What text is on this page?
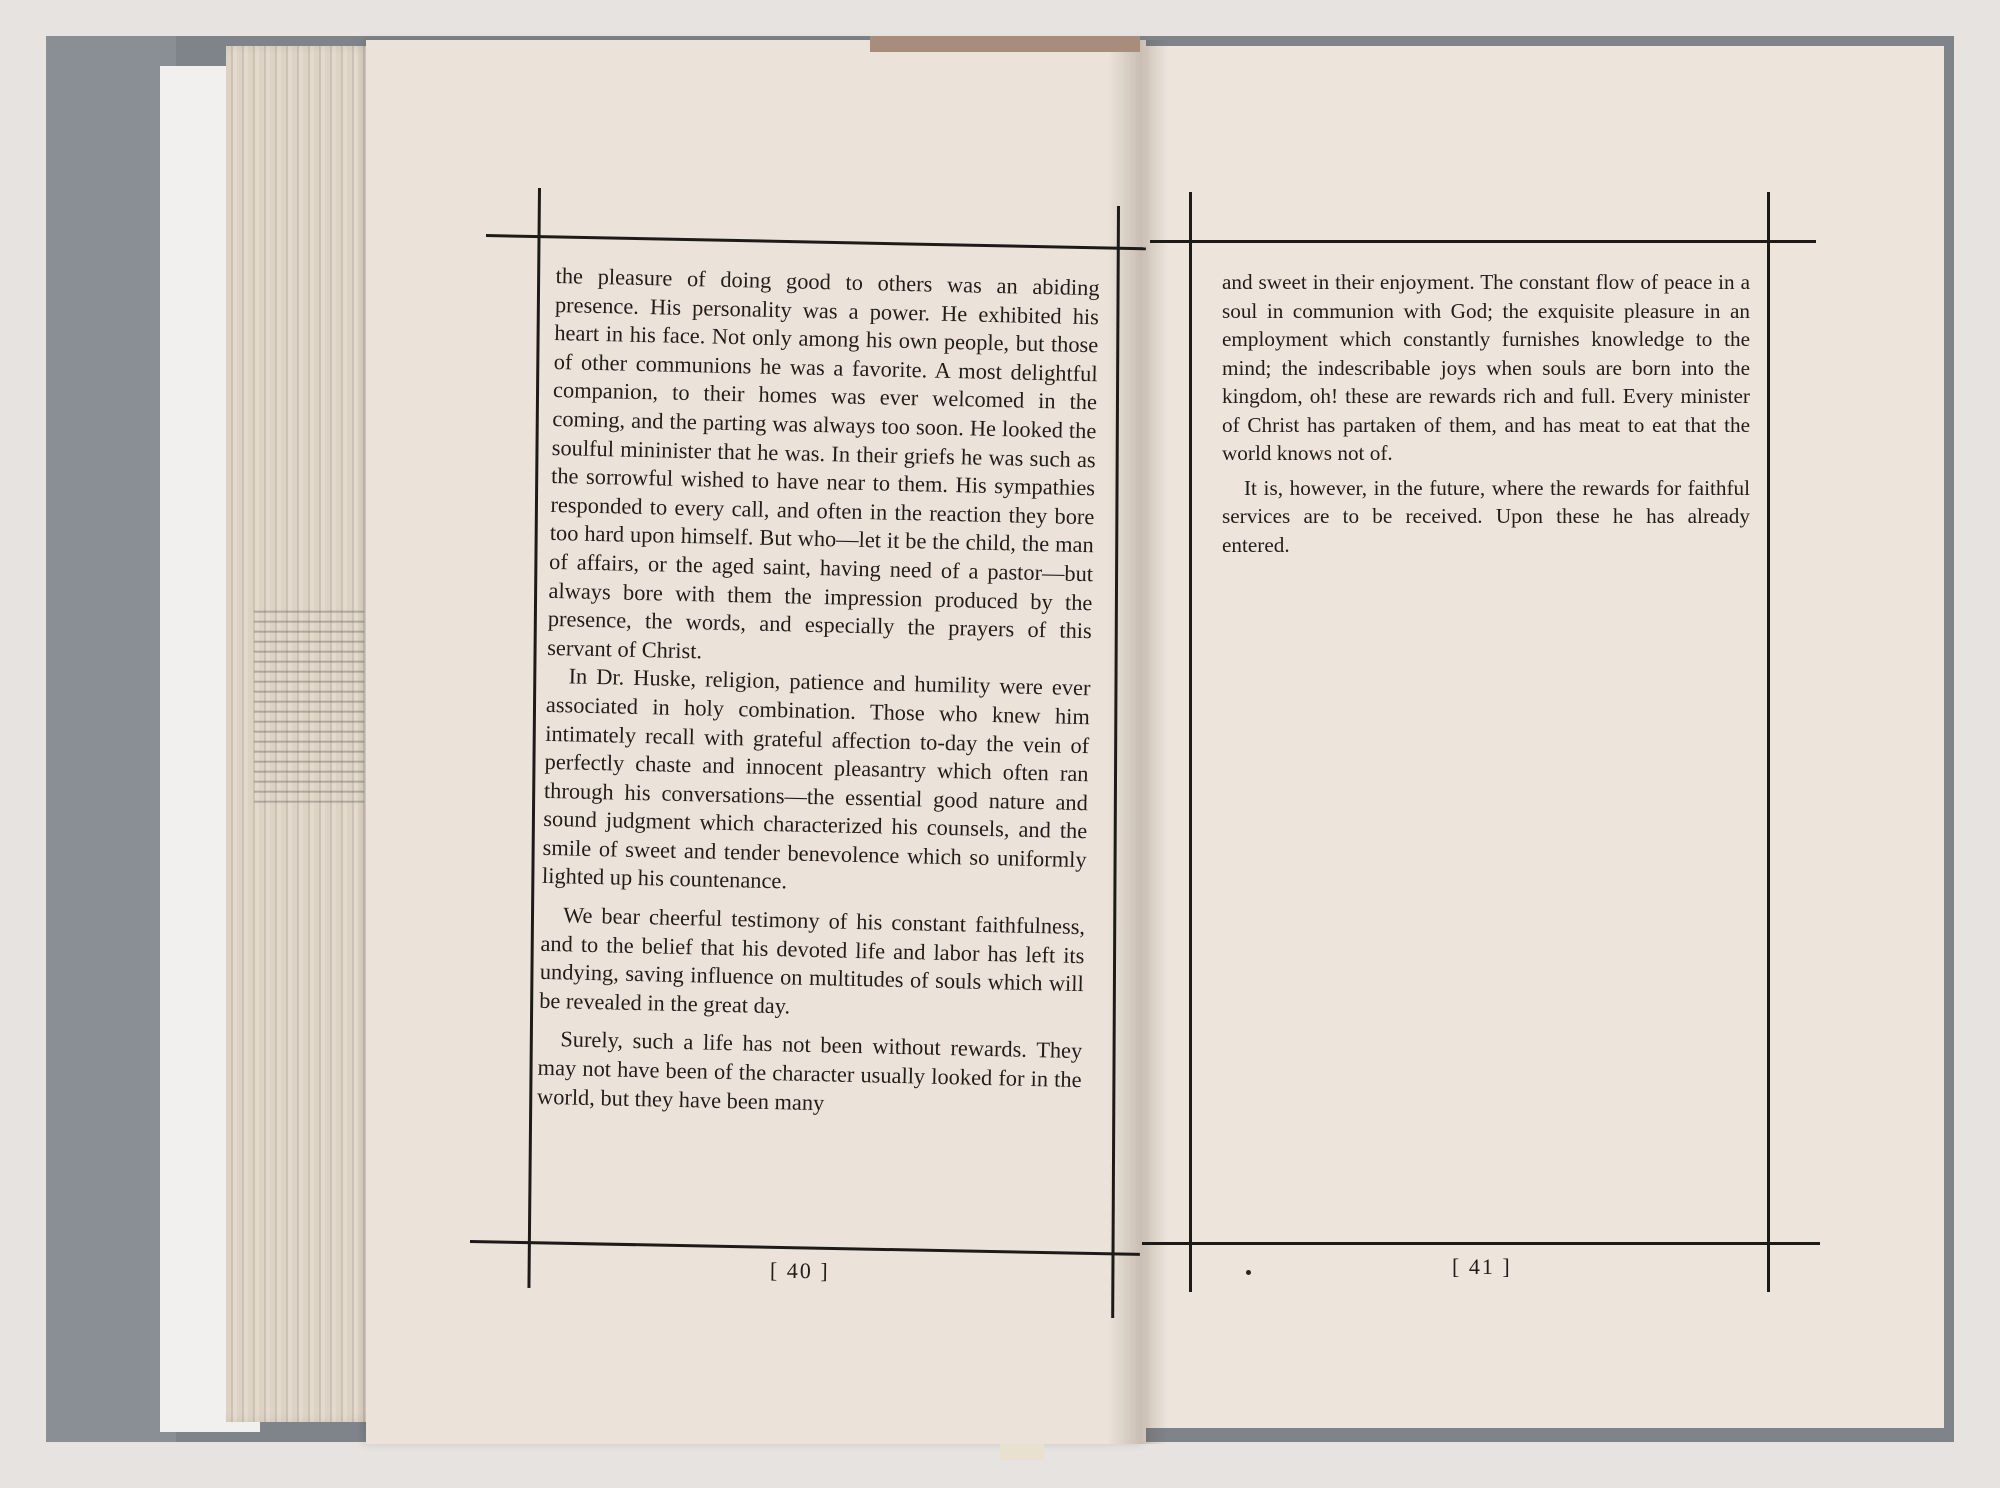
the pleasure of doing good to others was an abiding presence. His personality was a power. He exhibited his heart in his face. Not only among his own people, but those of other communions he was a favorite. A most delightful companion, to their homes was ever welcomed in the coming, and the parting was always too soon. He looked the soulful mininister that he was. In their griefs he was such as the sorrowful wished to have near to them. His sympathies responded to every call, and often in the reaction they bore too hard upon himself. But who—let it be the child, the man of affairs, or the aged saint, having need of a pastor—but always bore with them the impression produced by the presence, the words, and especially the prayers of this servant of Christ.

In Dr. Huske, religion, patience and humility were ever associated in holy combination. Those who knew him intimately recall with grateful affection to-day the vein of perfectly chaste and innocent pleasantry which often ran through his conversations—the essential good nature and sound judgment which characterized his counsels, and the smile of sweet and tender benevolence which so uniformly lighted up his countenance.

We bear cheerful testimony of his constant faithfulness, and to the belief that his devoted life and labor has left its undying, saving influence on multitudes of souls which will be revealed in the great day.

Surely, such a life has not been without rewards. They may not have been of the character usually looked for in the world, but they have been many

[ 40 ]

and sweet in their enjoyment. The constant flow of peace in a soul in communion with God; the exquisite pleasure in an employment which constantly furnishes knowledge to the mind; the indescribable joys when souls are born into the kingdom, oh! these are rewards rich and full. Every minister of Christ has partaken of them, and has meat to eat that the world knows not of.

It is, however, in the future, where the rewards for faithful services are to be received. Upon these he has already entered.

[ 41 ]
